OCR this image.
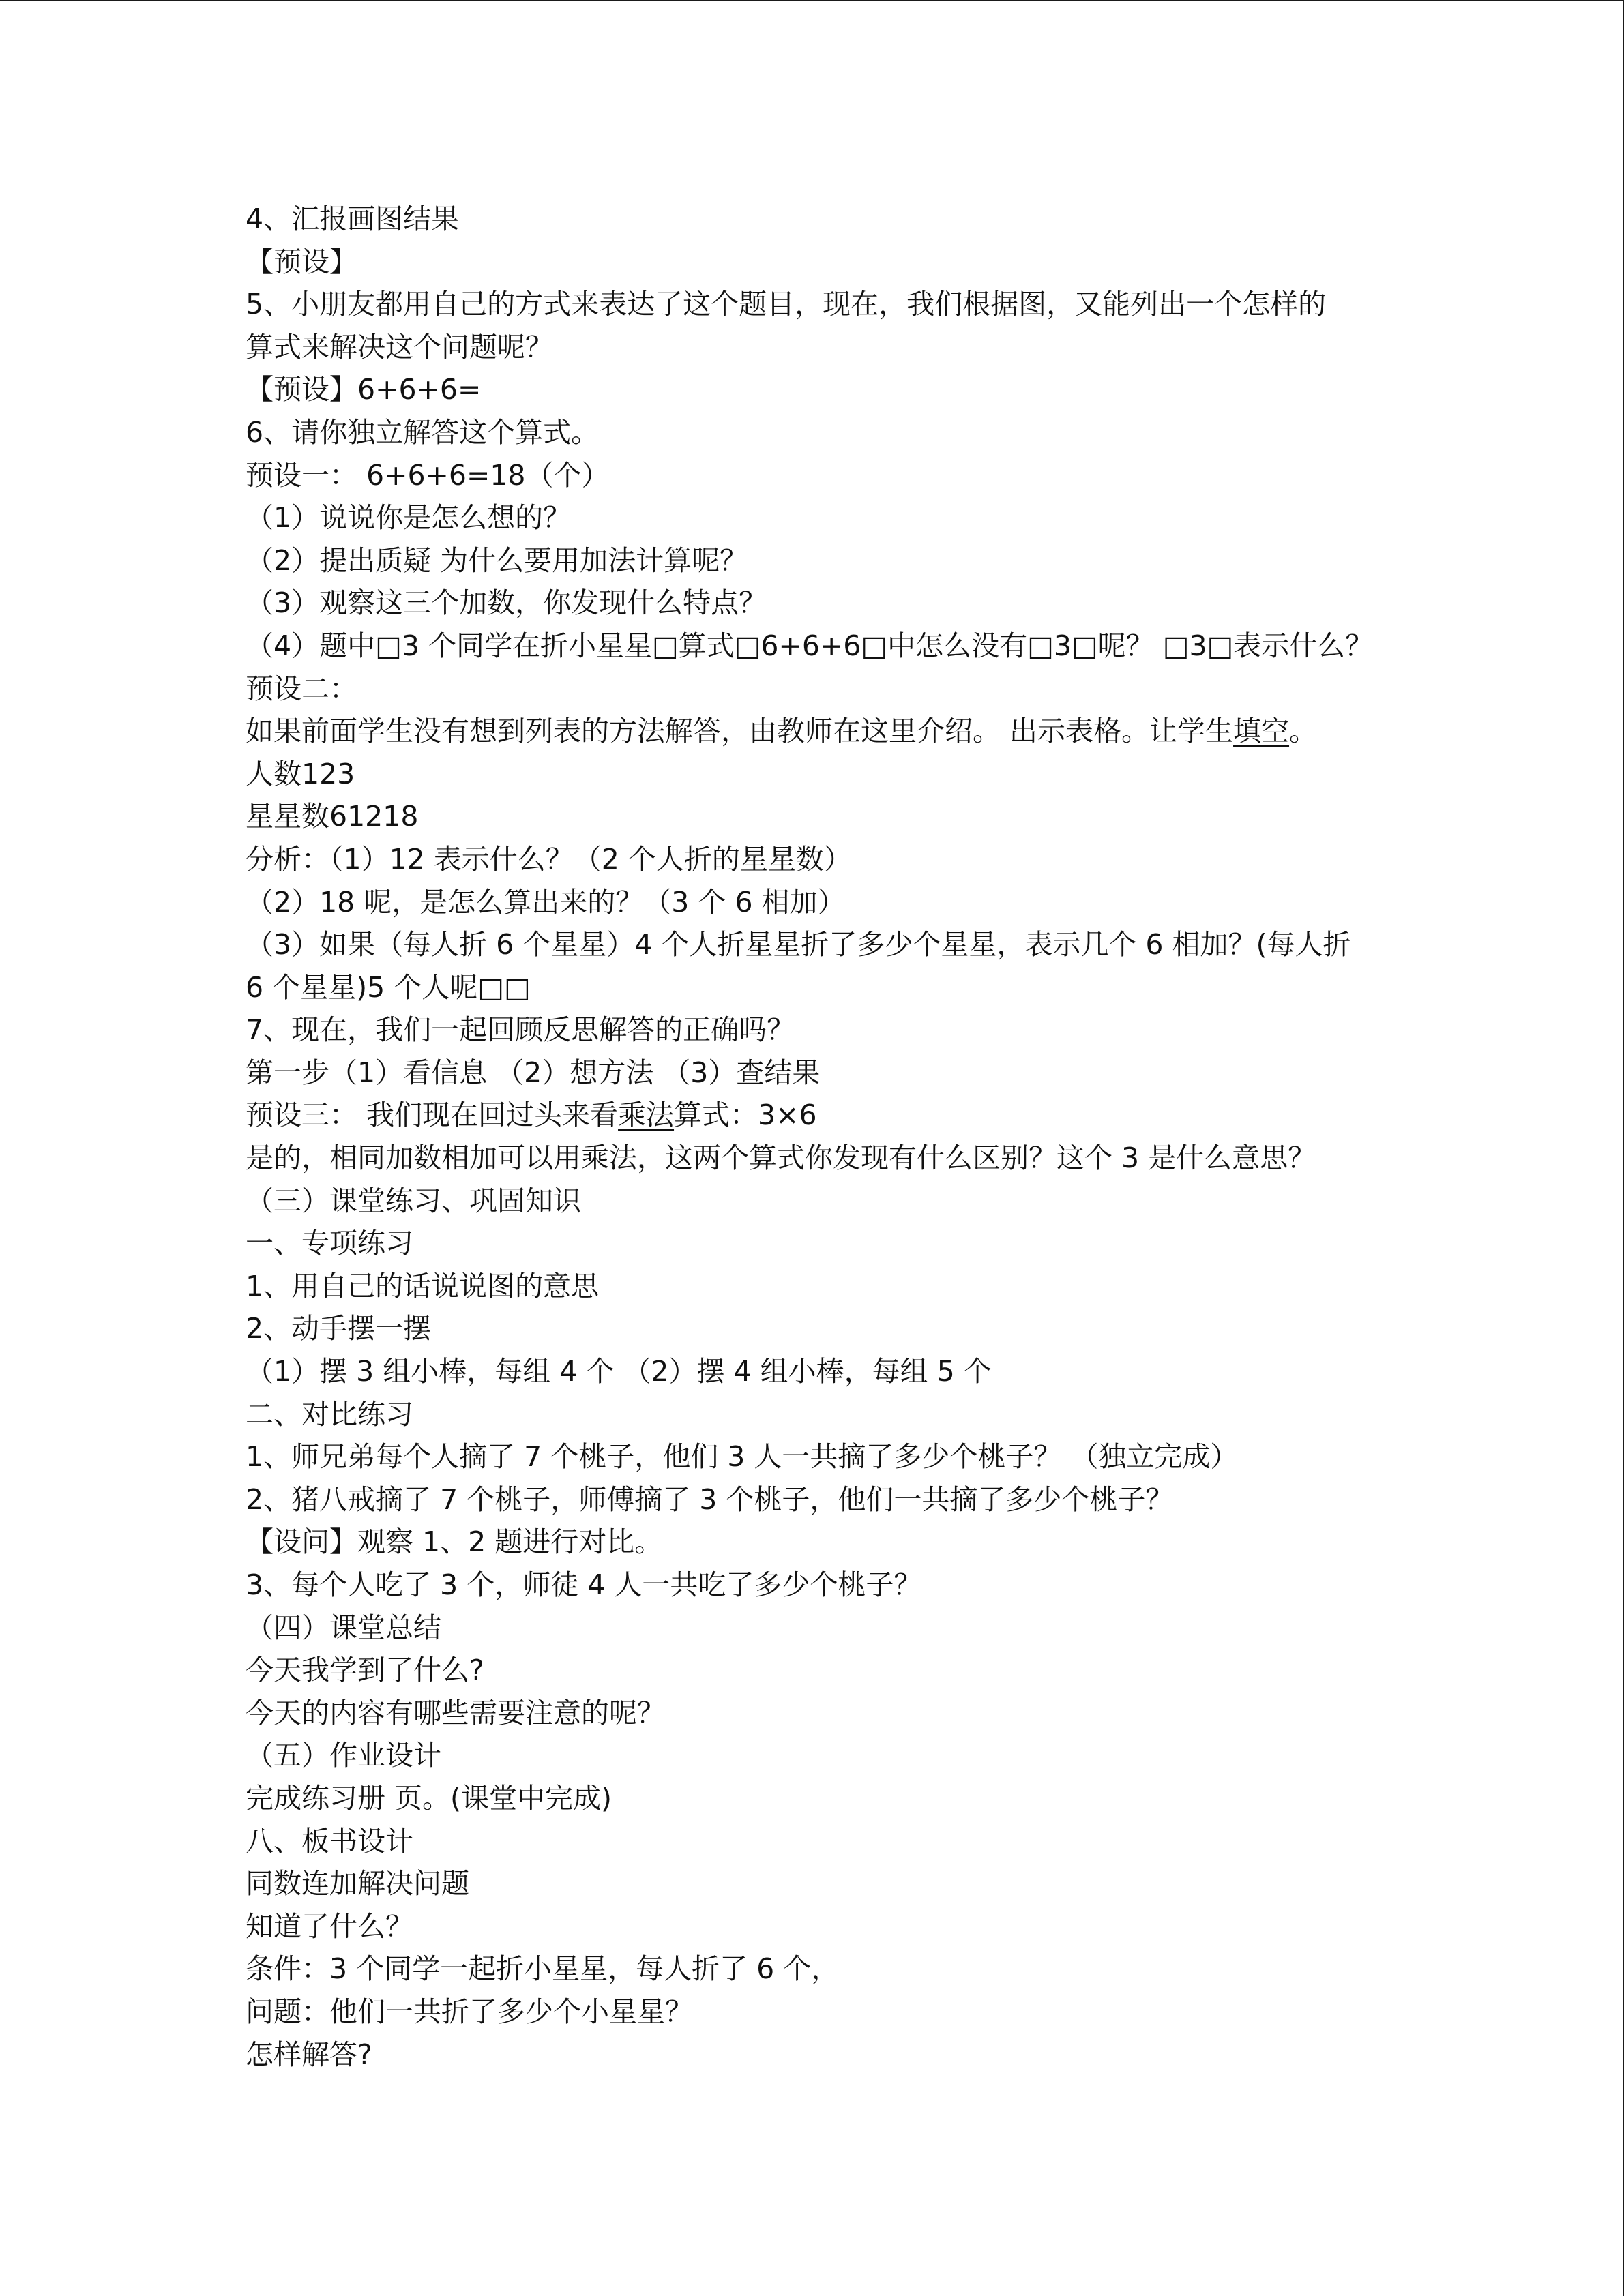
4、汇报画图结果
【预设】
5、小朋友都用自己的方式来表达了这个题目，现在，我们根据图，又能列出一个怎样的
算式来解决这个问题呢？
【预设】6+6+6=
6、请你独立解答这个算式。
预设一： 6+6+6=18（个）
（1）说说你是怎么想的？
（2）提出质疑 为什么要用加法计算呢？
（3）观察这三个加数，你发现什么特点？
（4）题中□3 个同学在折小星星□算式□6+6+6□中怎么没有□3□呢？ □3□表示什么？
预设二：
如果前面学生没有想到列表的方法解答，由教师在这里介绍。 出示表格。让学生填空。
人数123
星星数61218
分析：（1）12 表示什么？（2 个人折的星星数）
（2）18 呢，是怎么算出来的？（3 个 6 相加）
（3）如果（每人折 6 个星星）4 个人折星星折了多少个星星，表示几个 6 相加？(每人折
6 个星星)5 个人呢□□
7、现在，我们一起回顾反思解答的正确吗？
第一步（1）看信息 （2）想方法 （3）查结果
预设三： 我们现在回过头来看乘法算式：3×6
是的，相同加数相加可以用乘法，这两个算式你发现有什么区别？这个 3 是什么意思？
（三）课堂练习、巩固知识
一、专项练习
1、用自己的话说说图的意思
2、动手摆一摆
（1）摆 3 组小棒，每组 4 个 （2）摆 4 组小棒，每组 5 个
二、对比练习
1、师兄弟每个人摘了 7 个桃子，他们 3 人一共摘了多少个桃子？ （独立完成）
2、猪八戒摘了 7 个桃子，师傅摘了 3 个桃子，他们一共摘了多少个桃子？
【设问】观察 1、2 题进行对比。
3、每个人吃了 3 个，师徒 4 人一共吃了多少个桃子？
（四）课堂总结
今天我学到了什么?
今天的内容有哪些需要注意的呢？
（五）作业设计
完成练习册 页。(课堂中完成)
八、板书设计
同数连加解决问题
知道了什么？
条件：3 个同学一起折小星星，每人折了 6 个，
问题：他们一共折了多少个小星星？
怎样解答?
